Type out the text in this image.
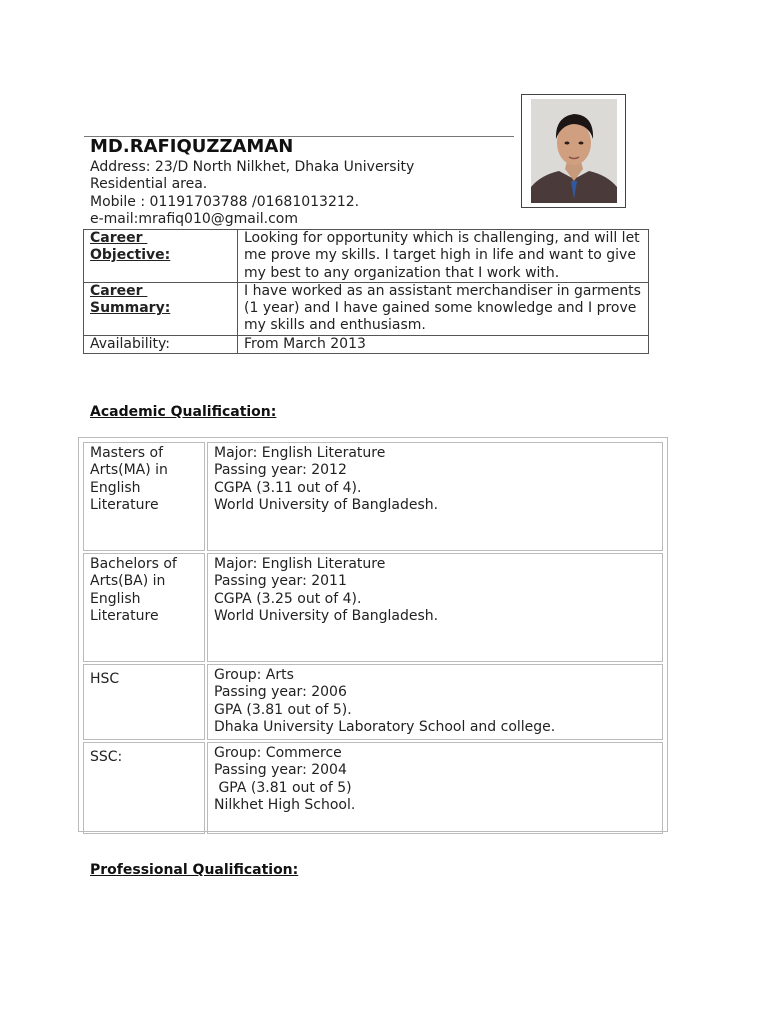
MD.RAFIQUZZAMAN
Address: 23/D North Nilkhet, Dhaka University
Residential area.
Mobile : 01191703788 /01681013212.
e-mail:mrafiq010@gmail.com
Career
Objective:	Looking for opportunity which is challenging, and will let me prove my skills. I target high in life and want to give my best to any organization that I work with.

Career
Summary:	I have worked as an assistant merchandiser in garments (1 year) and I have gained some knowledge and I prove my skills and enthusiasm.
Availability:	From March 2013
Academic Qualification:
Masters of
Arts(MA) in
English
Literature	Major: English Literature
Passing year: 2012
CGPA (3.11 out of 4).
World University of Bangladesh.

Bachelors of
Arts(BA) in
English
Literature	Major: English Literature
Passing year: 2011
CGPA (3.25 out of 4).
World University of Bangladesh.

HSC	Group: Arts
Passing year: 2006
GPA (3.81 out of 5).
Dhaka University Laboratory School and college.

SSC:	Group: Commerce
Passing year: 2004
GPA (3.81 out of 5)
Nilkhet High School.
Professional Qualification:
